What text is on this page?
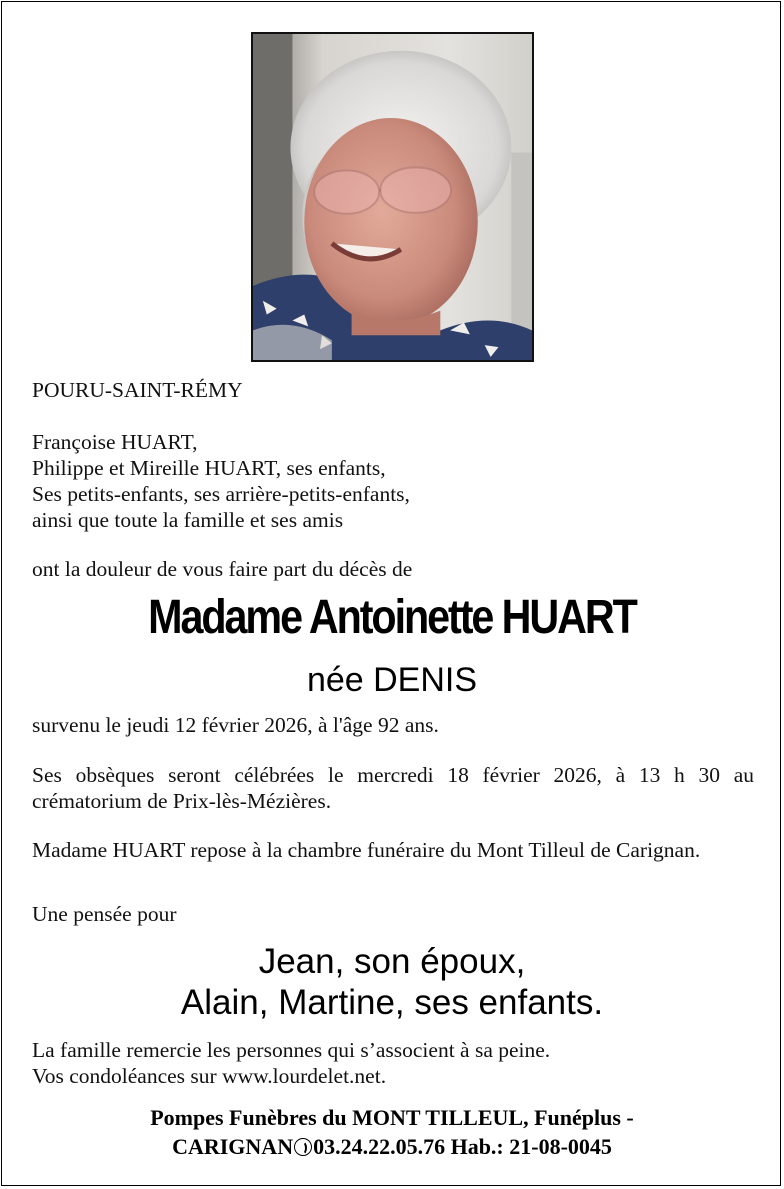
POURU-SAINT-RÉMY
Françoise HUART,
Philippe et Mireille HUART, ses enfants,
Ses petits-enfants, ses arrière-petits-enfants,
ainsi que toute la famille et ses amis
ont la douleur de vous faire part du décès de
Madame Antoinette HUART
née DENIS
survenu le jeudi 12 février 2026, à l'âge 92 ans.
Ses obsèques seront célébrées le mercredi 18 février 2026, à 13 h 30 au crématorium de Prix-lès-Mézières.
Madame HUART repose à la chambre funéraire du Mont Tilleul de Carignan.
Une pensée pour
Jean, son époux,
Alain, Martine, ses enfants.
La famille remercie les personnes qui s’associent à sa peine.
Vos condoléances sur www.lourdelet.net.
Pompes Funèbres du MONT TILLEUL, Funéplus -
CARIGNAN 03.24.22.05.76 Hab.: 21-08-0045
